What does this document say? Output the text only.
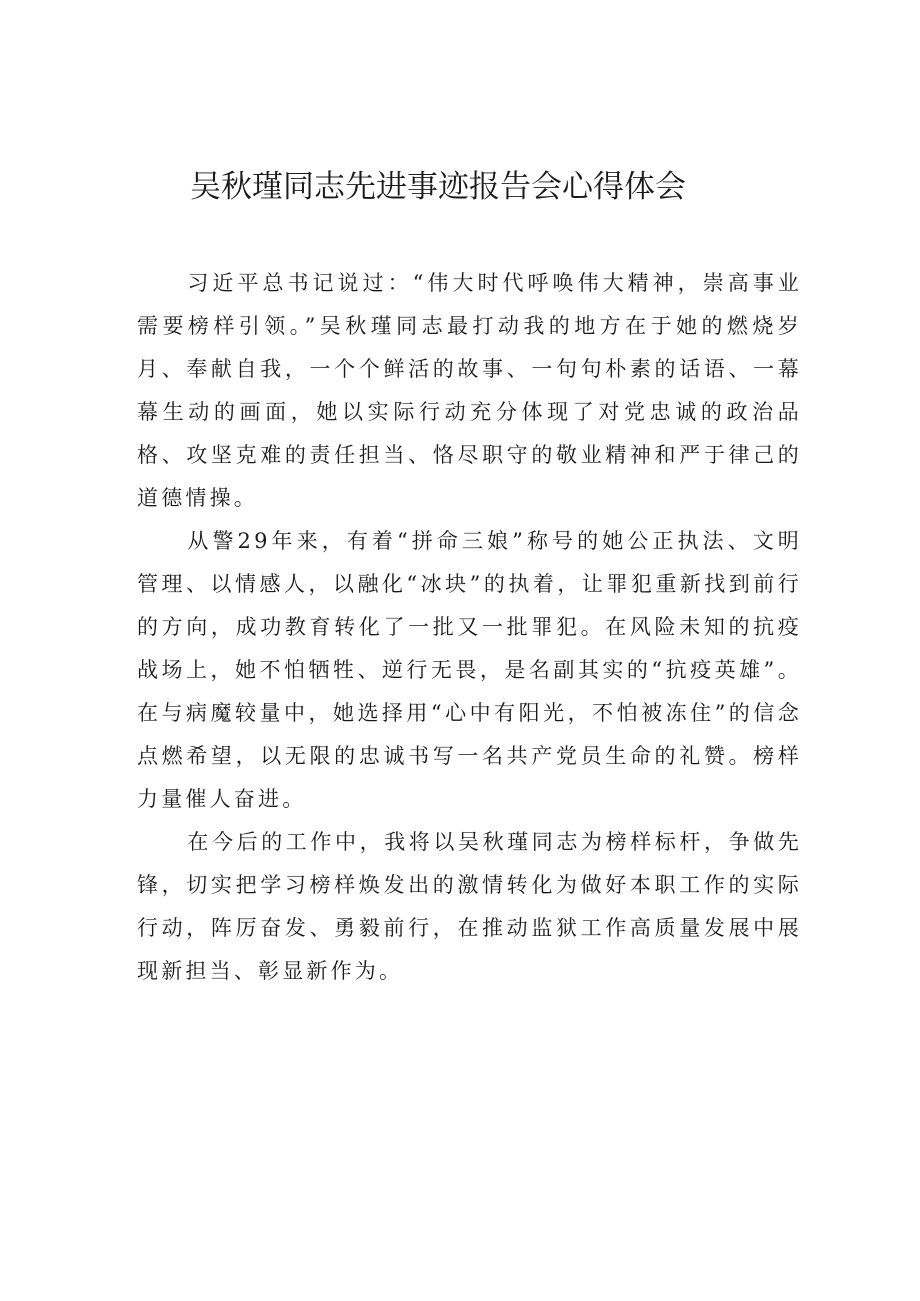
吴秋瑾同志先进事迹报告会心得体会

习近平总书记说过：“伟大时代呼唤伟大精神，崇高事业需要榜样引领。”吴秋瑾同志最打动我的地方在于她的燃烧岁月、奉献自我，一个个鲜活的故事、一句句朴素的话语、一幕幕生动的画面，她以实际行动充分体现了对党忠诚的政治品格、攻坚克难的责任担当、恪尽职守的敬业精神和严于律己的道德情操。

从警29年来，有着“拼命三娘”称号的她公正执法、文明管理、以情感人，以融化“冰块”的执着，让罪犯重新找到前行的方向，成功教育转化了一批又一批罪犯。在风险未知的抗疫战场上，她不怕牺牲、逆行无畏，是名副其实的“抗疫英雄”。在与病魔较量中，她选择用“心中有阳光，不怕被冻住”的信念点燃希望，以无限的忠诚书写一名共产党员生命的礼赞。榜样力量催人奋进。

在今后的工作中，我将以吴秋瑾同志为榜样标杆，争做先锋，切实把学习榜样焕发出的激情转化为做好本职工作的实际行动，阵厉奋发、勇毅前行，在推动监狱工作高质量发展中展现新担当、彰显新作为。
